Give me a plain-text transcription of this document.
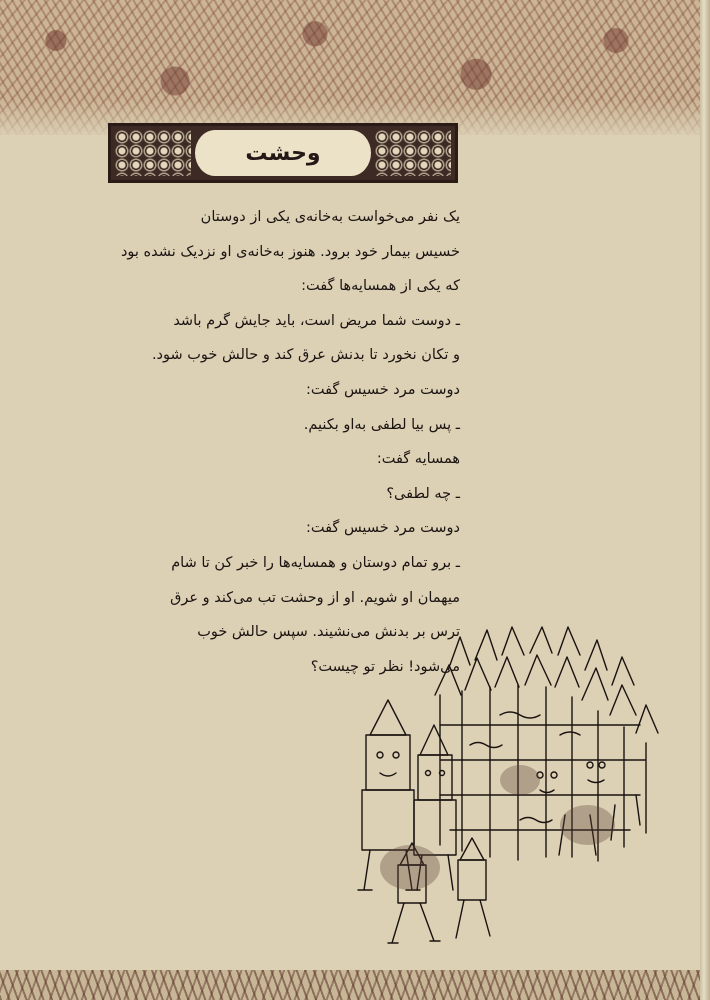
وحشت
یک نفر می‌خواست به‌خانه‌ی یکی از دوستان
خسیس بیمار خود برود. هنوز به‌خانه‌ی او نزدیک نشده بود
که یکی از همسایه‌ها گفت:
ـ دوست شما مریض است، باید جایش گرم باشد
و تکان نخورد تا بدنش عرق کند و حالش خوب شود.
دوست مرد خسیس گفت:
ـ پس بیا لطفی به‌او بکنیم.
همسایه گفت:
ـ چه لطفی؟
دوست مرد خسیس گفت:
ـ برو تمام دوستان و همسایه‌ها را خبر کن تا شام
میهمان او شویم. او از وحشت تب می‌کند و عرق
ترس بر بدنش می‌نشیند. سپس حالش خوب
می‌شود! نظر تو چیست؟
